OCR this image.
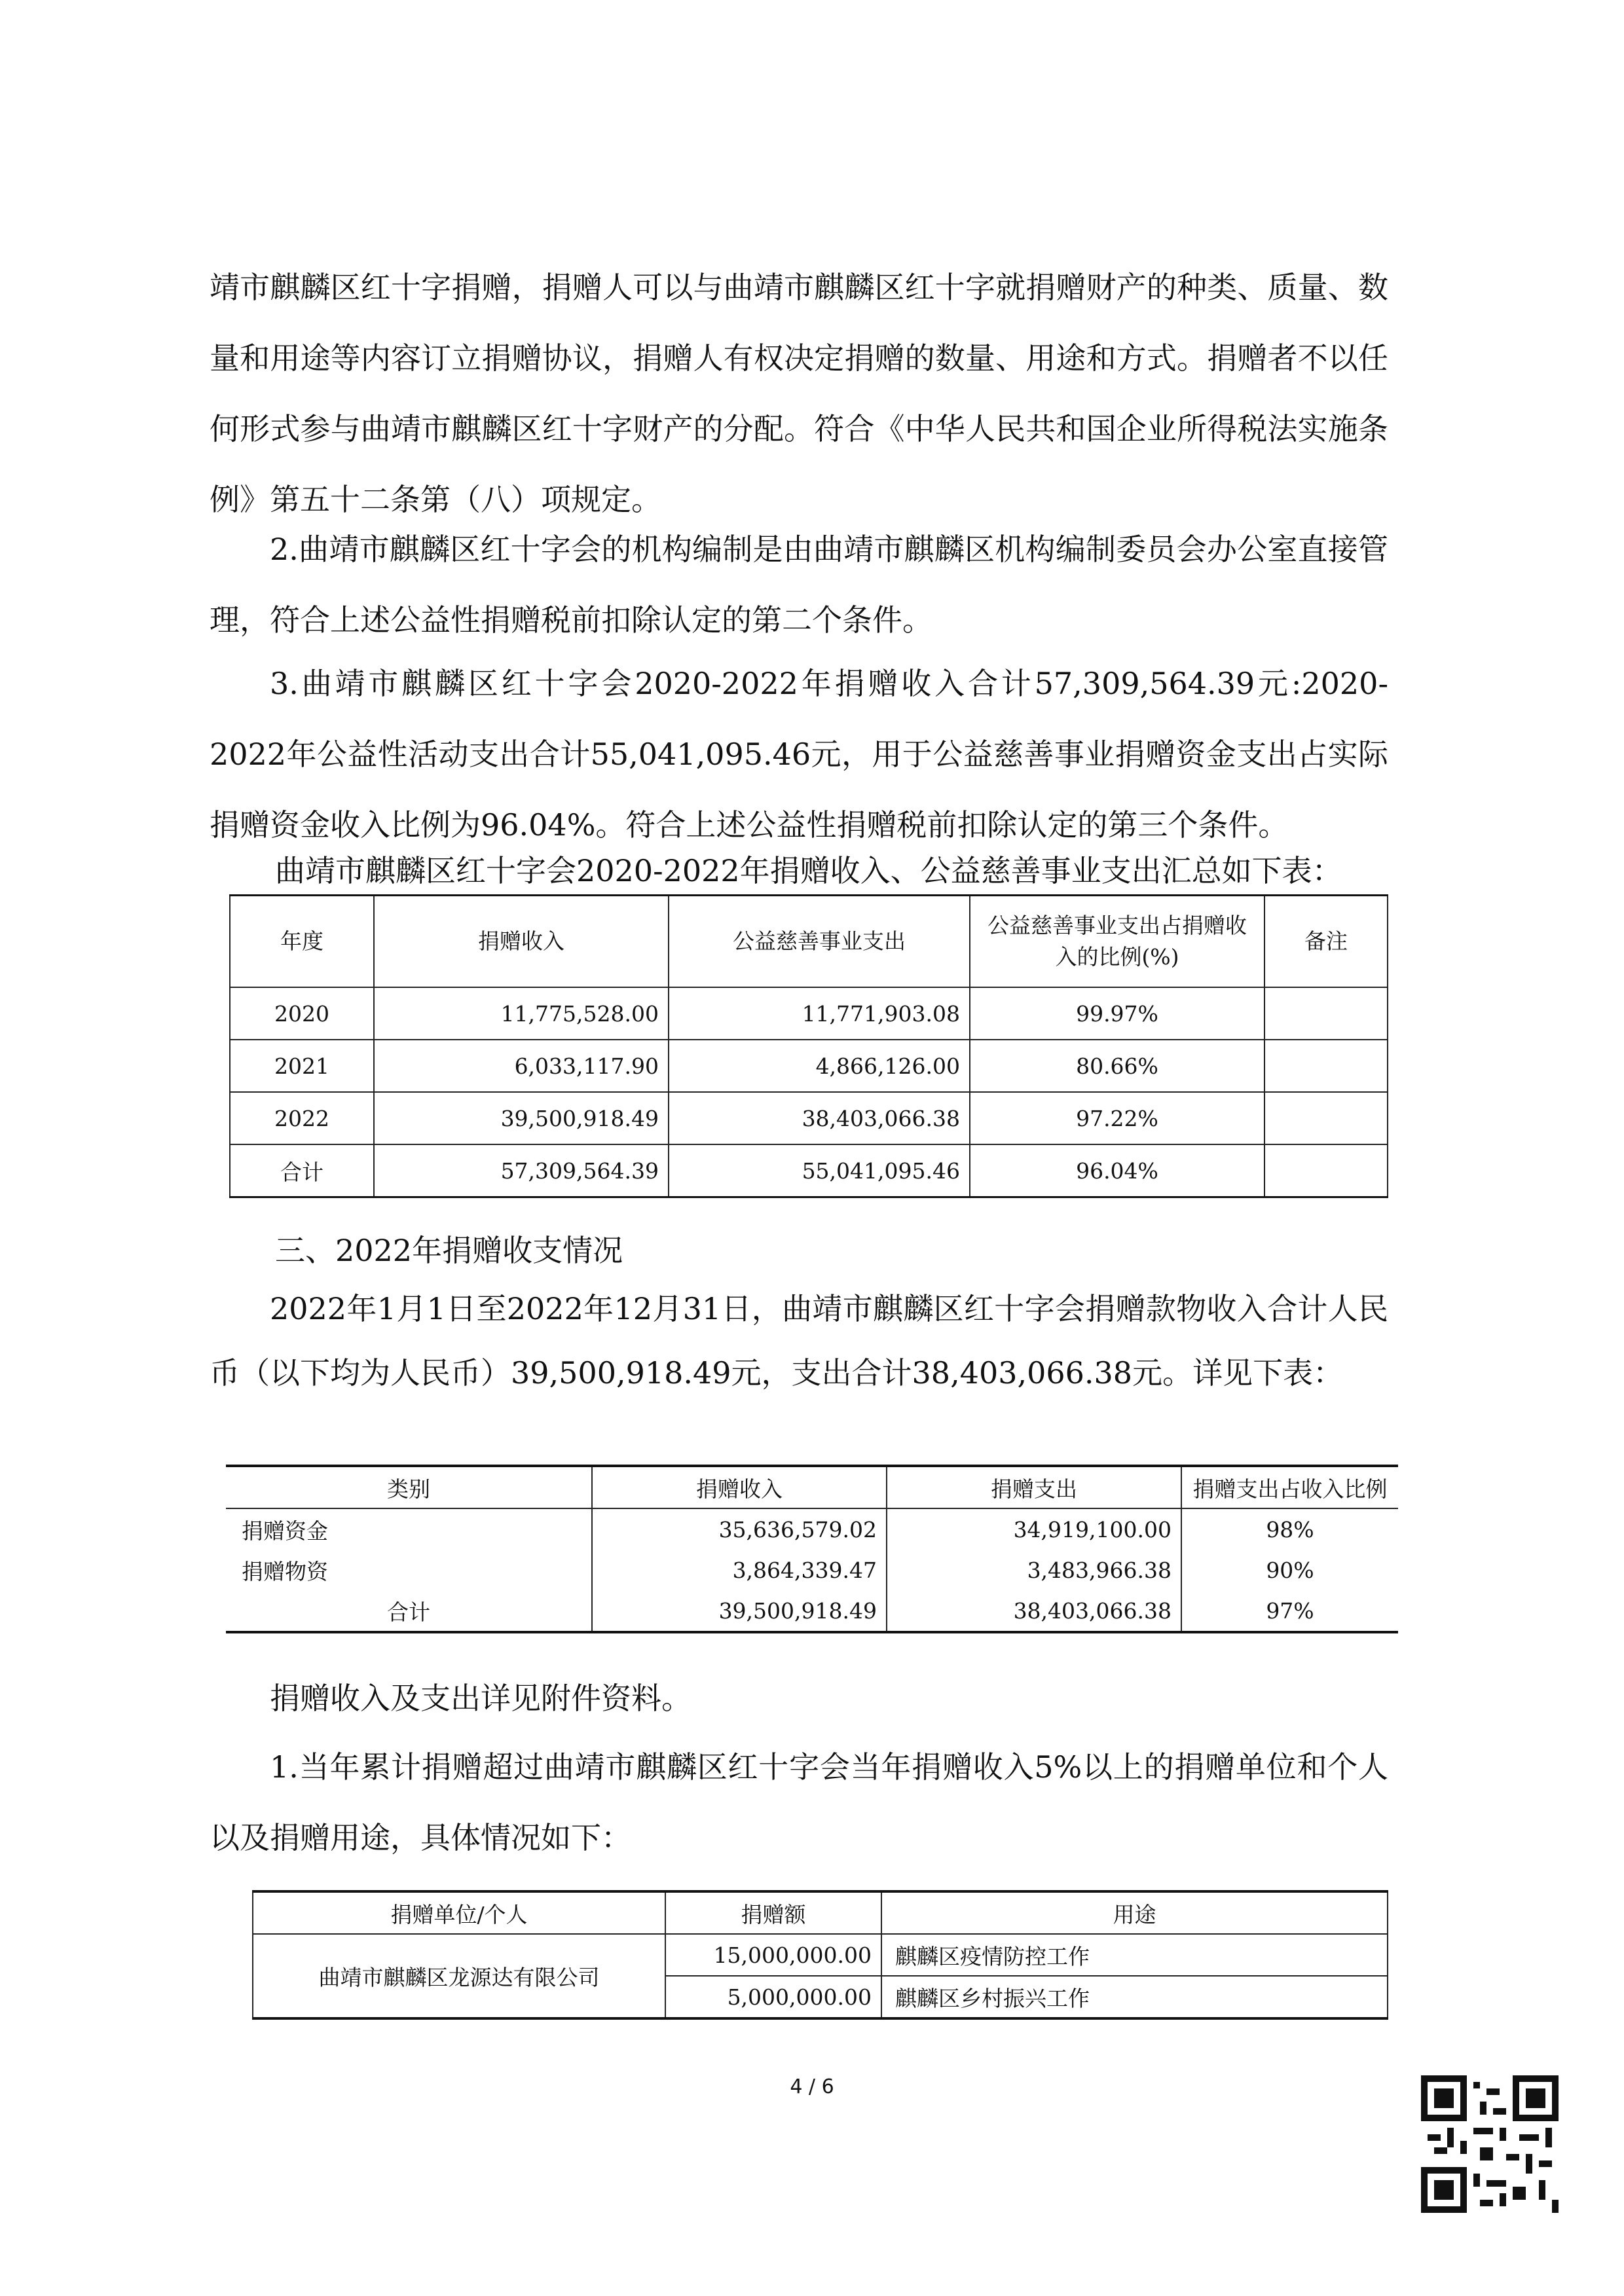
靖市麒麟区红十字捐赠，捐赠人可以与曲靖市麒麟区红十字就捐赠财产的种类、质量、数量和用途等内容订立捐赠协议，捐赠人有权决定捐赠的数量、用途和方式。捐赠者不以任何形式参与曲靖市麒麟区红十字财产的分配。符合《中华人民共和国企业所得税法实施条例》第五十二条第（八）项规定。
2.曲靖市麒麟区红十字会的机构编制是由曲靖市麒麟区机构编制委员会办公室直接管理，符合上述公益性捐赠税前扣除认定的第二个条件。
3.曲靖市麒麟区红十字会2020-2022年捐赠收入合计57,309,564.39元:2020-2022年公益性活动支出合计55,041,095.46元，用于公益慈善事业捐赠资金支出占实际捐赠资金收入比例为96.04%。符合上述公益性捐赠税前扣除认定的第三个条件。
曲靖市麒麟区红十字会2020-2022年捐赠收入、公益慈善事业支出汇总如下表：
年度	捐赠收入	公益慈善事业支出	公益慈善事业支出占捐赠收入的比例(%)	备注
2020	11,775,528.00	11,771,903.08	99.97%	
2021	6,033,117.90	4,866,126.00	80.66%	
2022	39,500,918.49	38,403,066.38	97.22%	
合计	57,309,564.39	55,041,095.46	96.04%	
三、2022年捐赠收支情况
2022年1月1日至2022年12月31日，曲靖市麒麟区红十字会捐赠款物收入合计人民币（以下均为人民币）39,500,918.49元，支出合计38,403,066.38元。详见下表：
类别	捐赠收入	捐赠支出	捐赠支出占收入比例
捐赠资金	35,636,579.02	34,919,100.00	98%
捐赠物资	3,864,339.47	3,483,966.38	90%
合计	39,500,918.49	38,403,066.38	97%
捐赠收入及支出详见附件资料。
1.当年累计捐赠超过曲靖市麒麟区红十字会当年捐赠收入5%以上的捐赠单位和个人以及捐赠用途，具体情况如下：
捐赠单位/个人	捐赠额	用途
曲靖市麒麟区龙源达有限公司	15,000,000.00	麒麟区疫情防控工作
	5,000,000.00	麒麟区乡村振兴工作
4 / 6
